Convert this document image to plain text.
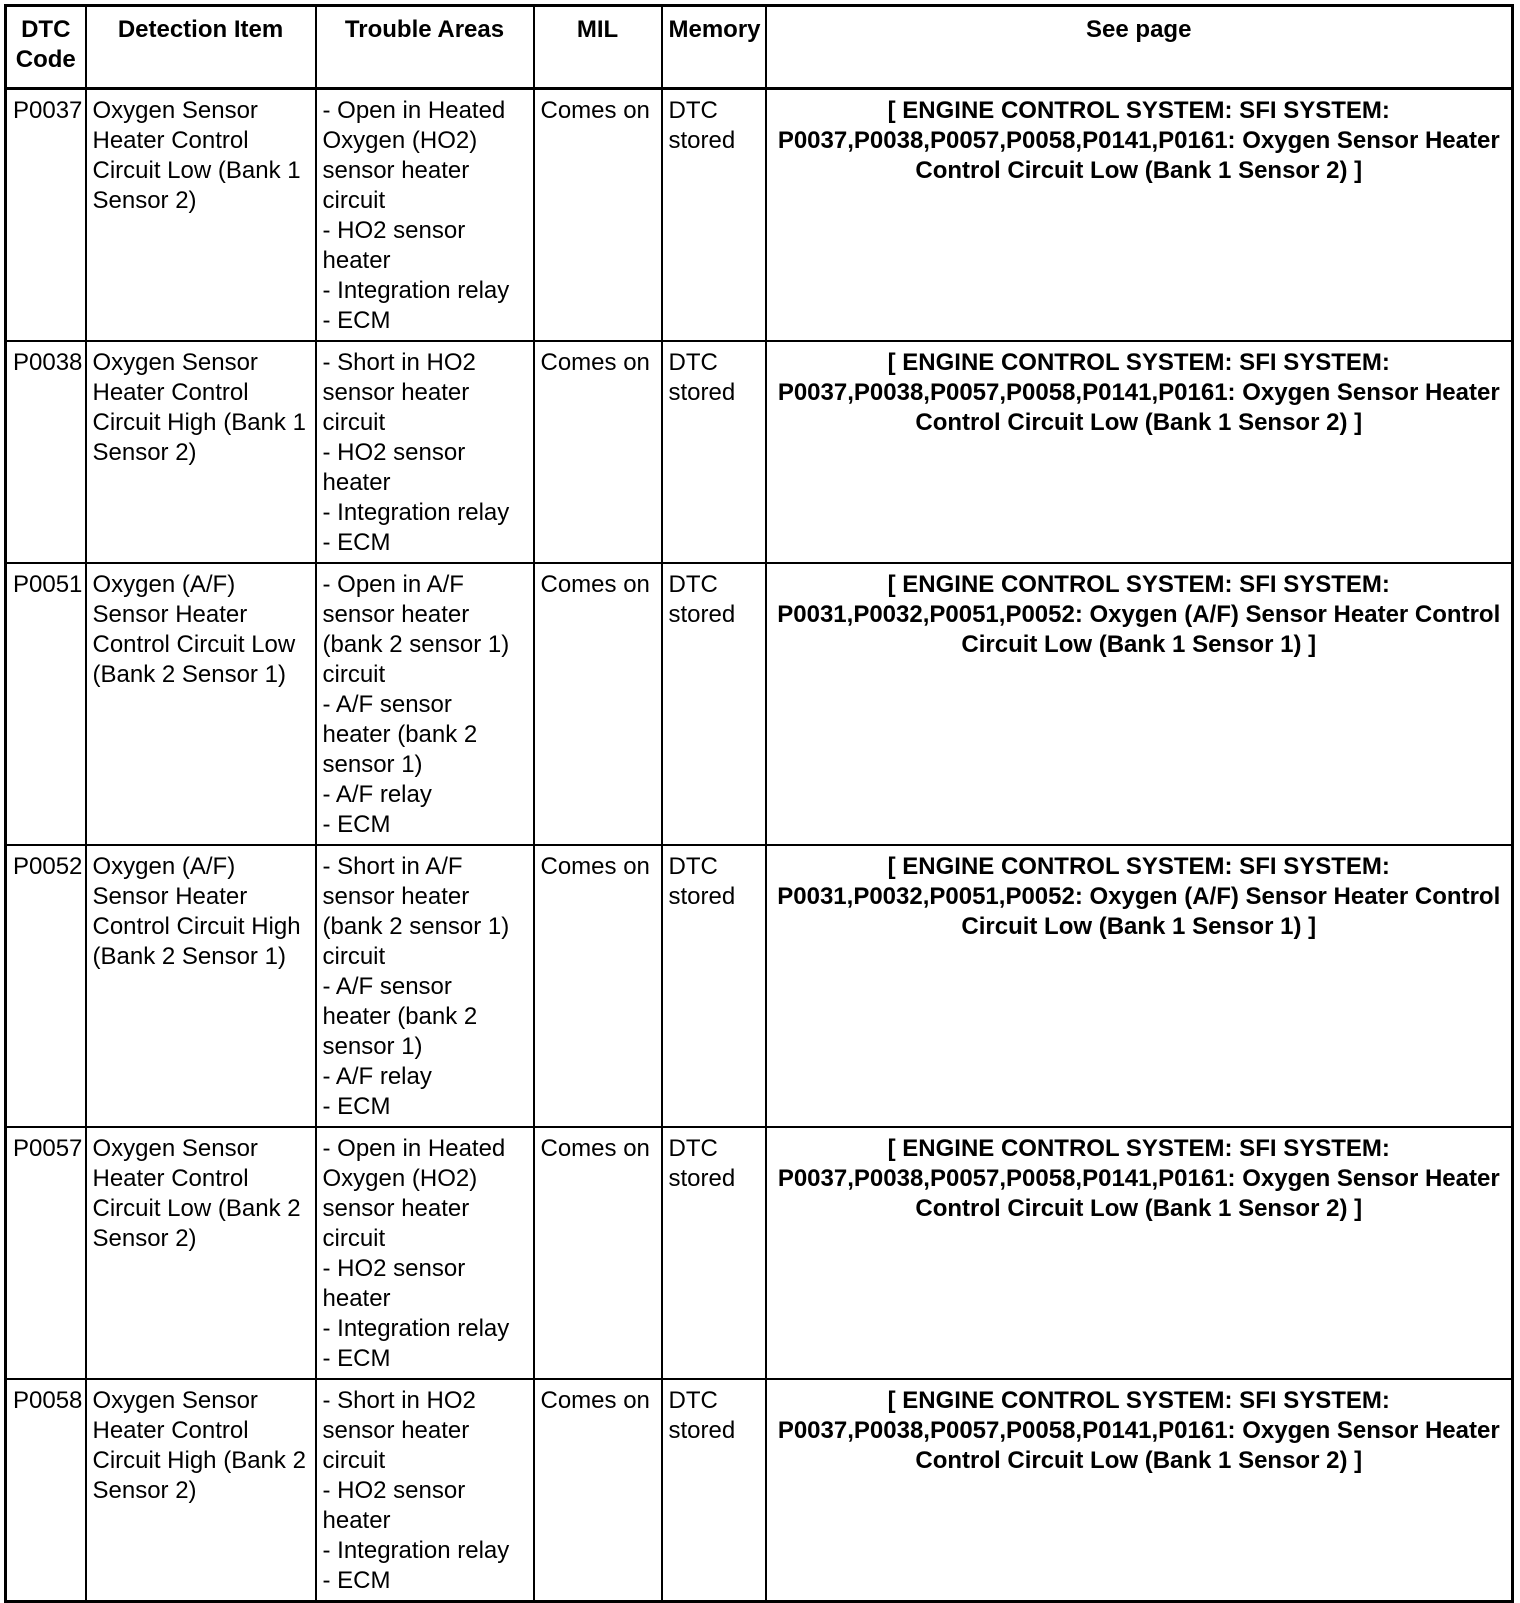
DTC Code	Detection Item	Trouble Areas	MIL	Memory	See page
P0037	Oxygen Sensor Heater Control Circuit Low (Bank 1 Sensor 2)	- Open in Heated Oxygen (HO2) sensor heater circuit
- HO2 sensor heater
- Integration relay
- ECM	Comes on	DTC stored	[ ENGINE CONTROL SYSTEM: SFI SYSTEM: P0037,P0038,P0057,P0058,P0141,P0161: Oxygen Sensor Heater Control Circuit Low (Bank 1 Sensor 2) ]
P0038	Oxygen Sensor Heater Control Circuit High (Bank 1 Sensor 2)	- Short in HO2 sensor heater circuit
- HO2 sensor heater
- Integration relay
- ECM	Comes on	DTC stored	[ ENGINE CONTROL SYSTEM: SFI SYSTEM: P0037,P0038,P0057,P0058,P0141,P0161: Oxygen Sensor Heater Control Circuit Low (Bank 1 Sensor 2) ]
P0051	Oxygen (A/F) Sensor Heater Control Circuit Low (Bank 2 Sensor 1)	- Open in A/F sensor heater (bank 2 sensor 1) circuit
- A/F sensor heater (bank 2 sensor 1)
- A/F relay
- ECM	Comes on	DTC stored	[ ENGINE CONTROL SYSTEM: SFI SYSTEM: P0031,P0032,P0051,P0052: Oxygen (A/F) Sensor Heater Control Circuit Low (Bank 1 Sensor 1) ]
P0052	Oxygen (A/F) Sensor Heater Control Circuit High (Bank 2 Sensor 1)	- Short in A/F sensor heater (bank 2 sensor 1) circuit
- A/F sensor heater (bank 2 sensor 1)
- A/F relay
- ECM	Comes on	DTC stored	[ ENGINE CONTROL SYSTEM: SFI SYSTEM: P0031,P0032,P0051,P0052: Oxygen (A/F) Sensor Heater Control Circuit Low (Bank 1 Sensor 1) ]
P0057	Oxygen Sensor Heater Control Circuit Low (Bank 2 Sensor 2)	- Open in Heated Oxygen (HO2) sensor heater circuit
- HO2 sensor heater
- Integration relay
- ECM	Comes on	DTC stored	[ ENGINE CONTROL SYSTEM: SFI SYSTEM: P0037,P0038,P0057,P0058,P0141,P0161: Oxygen Sensor Heater Control Circuit Low (Bank 1 Sensor 2) ]
P0058	Oxygen Sensor Heater Control Circuit High (Bank 2 Sensor 2)	- Short in HO2 sensor heater circuit
- HO2 sensor heater
- Integration relay
- ECM	Comes on	DTC stored	[ ENGINE CONTROL SYSTEM: SFI SYSTEM: P0037,P0038,P0057,P0058,P0141,P0161: Oxygen Sensor Heater Control Circuit Low (Bank 1 Sensor 2) ]
